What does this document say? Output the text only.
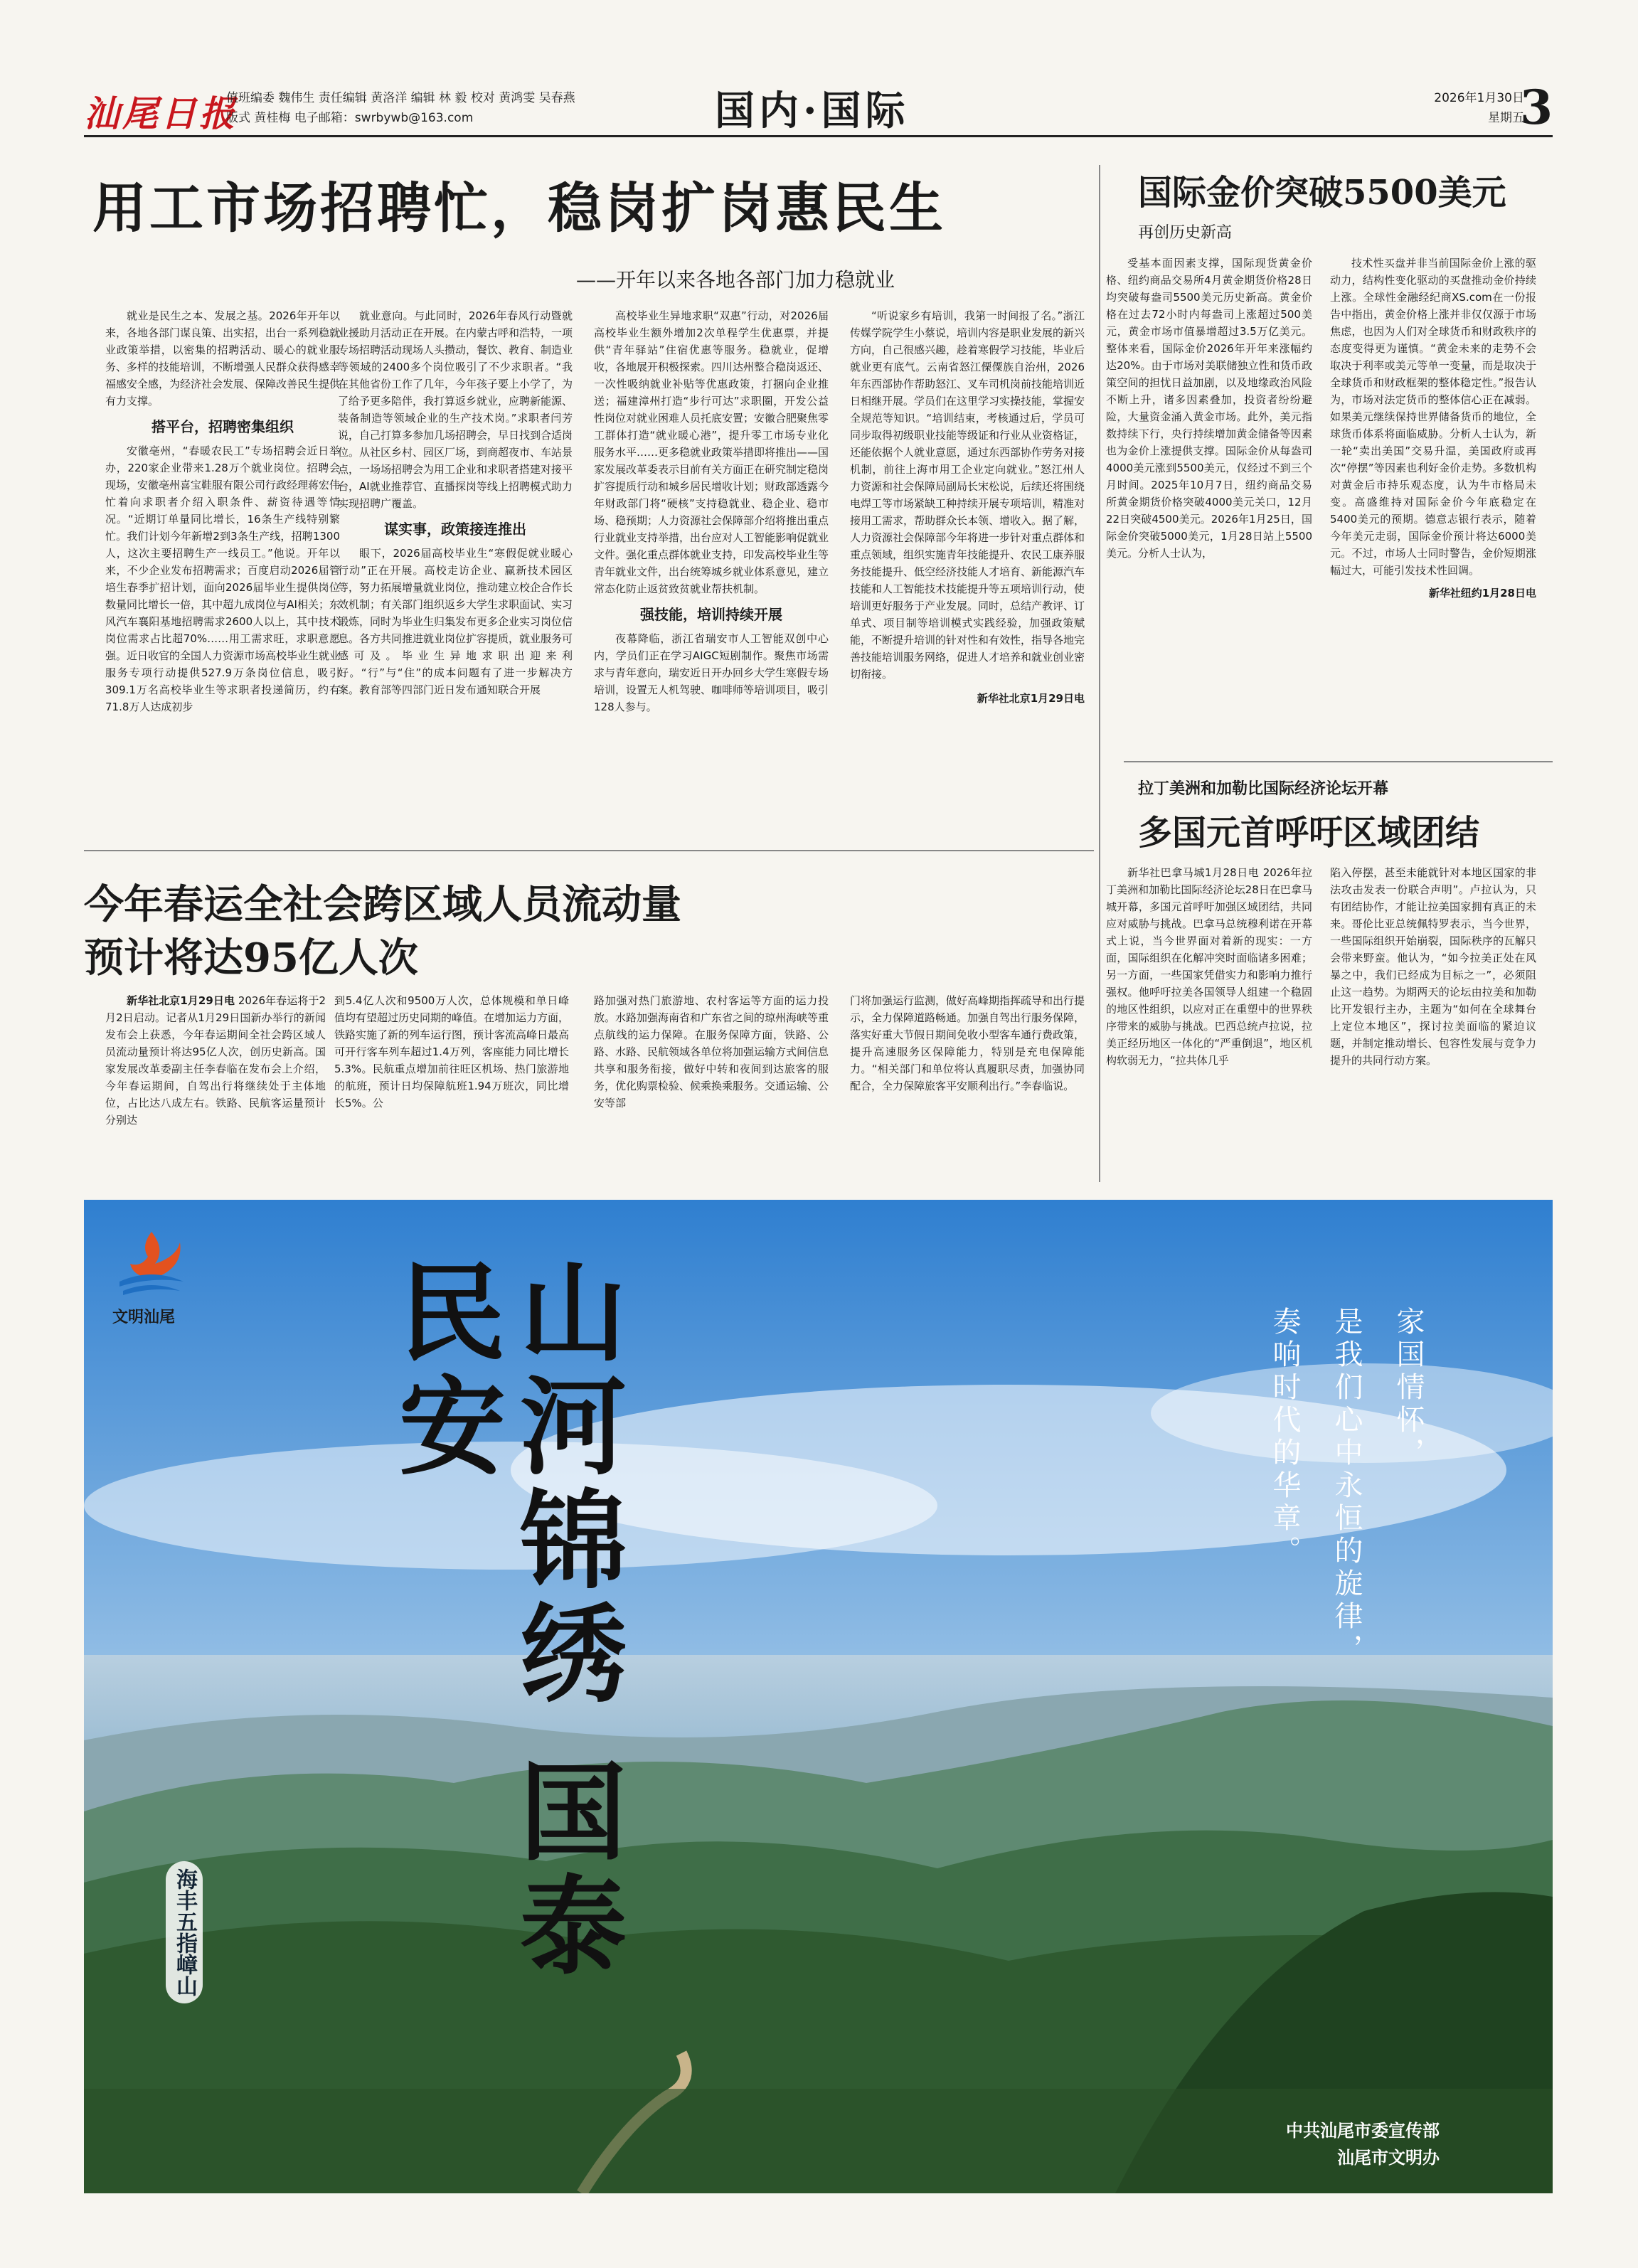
汕尾日报
值班编委 魏伟生 责任编辑 黄洛洋 编辑 林 毅 校对 黄鸿雯 吴春燕
版式 黄桂梅 电子邮箱：swrbywb@163.com	国内·国际	2026年1月30日
星期五
3
用工市场招聘忙，稳岗扩岗惠民生
——开年以来各地各部门加力稳就业
就业是民生之本、发展之基。2026年开年以来，各地各部门谋良策、出实招，出台一系列稳就业政策举措，以密集的招聘活动、暖心的就业服务、多样的技能培训，不断增强人民群众获得感幸福感安全感，为经济社会发展、保障改善民生提供有力支撑。
搭平台，招聘密集组织
安徽亳州，“春暖农民工”专场招聘会近日举办，220家企业带来1.28万个就业岗位。招聘会现场，安徽亳州喜宝鞋服有限公司行政经理蒋宏伟忙着向求职者介绍入职条件、薪资待遇等情况。“近期订单量同比增长，16条生产线特别繁忙。我们计划今年新增2到3条生产线，招聘1300人，这次主要招聘生产一线员工。”他说。开年以来，不少企业发布招聘需求；百度启动2026届管培生春季扩招计划，面向2026届毕业生提供岗位数量同比增长一倍，其中超九成岗位与AI相关；东风汽车襄阳基地招聘需求2600人以上，其中技术岗位需求占比超70%……用工需求旺，求职意愿强。近日收官的全国人力资源市场高校毕业生就业服务专项行动提供527.9万条岗位信息，吸引309.1万名高校毕业生等求职者投递简历，约有71.8万人达成初步
就业意向。与此同时，2026年春风行动暨就业援助月活动正在开展。在内蒙古呼和浩特，一项专场招聘活动现场人头攒动，餐饮、教育、制造业等领域的2400多个岗位吸引了不少求职者。“我在其他省份工作了几年，今年孩子要上小学了，为了给予更多陪伴，我打算返乡就业，应聘新能源、装备制造等领域企业的生产技术岗。”求职者闫芳说，自己打算多参加几场招聘会，早日找到合适岗位。从社区乡村、园区厂场，到商超夜市、车站景点，一场场招聘会为用工企业和求职者搭建对接平台，AI就业推荐官、直播探岗等线上招聘模式助力实现招聘广覆盖。
谋实事，政策接连推出
眼下，2026届高校毕业生“寒假促就业暖心行动”正在开展。高校走访企业、赢新技术园区等，努力拓展增量就业岗位，推动建立校企合作长效机制；有关部门组织返乡大学生求职面试、实习锻炼，同时为毕业生归集发布更多企业实习岗位信息。各方共同推进就业岗位扩容提质，就业服务可感可及。毕业生异地求职出迎来利好。“行”与“住”的成本问题有了进一步解决方案。教育部等四部门近日发布通知联合开展
高校毕业生异地求职“双惠”行动，对2026届高校毕业生额外增加2次单程学生优惠票，并提供“青年驿站”住宿优惠等服务。稳就业，促增收，各地展开积极探索。四川达州整合稳岗返还、一次性吸纳就业补贴等优惠政策，打捆向企业推送；福建漳州打造“步行可达”求职圈，开发公益性岗位对就业困难人员托底安置；安徽合肥聚焦零工群体打造“就业暖心港”，提升零工市场专业化服务水平……更多稳就业政策举措即将推出——国家发展改革委表示目前有关方面正在研究制定稳岗扩容提质行动和城乡居民增收计划；财政部透露今年财政部门将“硬核”支持稳就业、稳企业、稳市场、稳预期；人力资源社会保障部介绍将推出重点行业就业支持举措，出台应对人工智能影响促就业文件。强化重点群体就业支持，印发高校毕业生等青年就业文件，出台统筹城乡就业体系意见，建立常态化防止返贫致贫就业帮扶机制。
强技能，培训持续开展
夜幕降临，浙江省瑞安市人工智能双创中心内，学员们正在学习AIGC短剧制作。聚焦市场需求与青年意向，瑞安近日开办回乡大学生寒假专场培训，设置无人机驾驶、咖啡师等培训项目，吸引128人参与。
“听说家乡有培训，我第一时间报了名。”浙江传媒学院学生小蔡说，培训内容是职业发展的新兴方向，自己很感兴趣，趁着寒假学习技能，毕业后就业更有底气。云南省怒江傈僳族自治州，2026年东西部协作帮助怒江、叉车司机岗前技能培训近日相继开展。学员们在这里学习实操技能，掌握安全规范等知识。“培训结束，考核通过后，学员可同步取得初级职业技能等级证和行业从业资格证，还能依据个人就业意愿，通过东西部协作劳务对接机制，前往上海市用工企业定向就业。”怒江州人力资源和社会保障局副局长宋松说，后续还将围绕电焊工等市场紧缺工种持续开展专项培训，精准对接用工需求，帮助群众长本领、增收入。据了解，人力资源社会保障部今年将进一步针对重点群体和重点领域，组织实施青年技能提升、农民工康养服务技能提升、低空经济技能人才培育、新能源汽车技能和人工智能技术技能提升等五项培训行动，使培训更好服务于产业发展。同时，总结产教评、订单式、项目制等培训模式实践经验，加强政策赋能，不断提升培训的针对性和有效性，指导各地完善技能培训服务网络，促进人才培养和就业创业密切衔接。
新华社北京1月29日电
国际金价突破5500美元
再创历史新高
受基本面因素支撑，国际现货黄金价格、纽约商品交易所4月黄金期货价格28日均突破每盎司5500美元历史新高。黄金价格在过去72小时内每盎司上涨超过500美元，黄金市场市值暴增超过3.5万亿美元。整体来看，国际金价2026年开年来涨幅约达20%。由于市场对美联储独立性和货币政策空间的担忧日益加剧，以及地缘政治风险不断上升，诸多因素叠加，投资者纷纷避险，大量资金涌入黄金市场。此外，美元指数持续下行，央行持续增加黄金储备等因素也为金价上涨提供支撑。国际金价从每盎司4000美元涨到5500美元，仅经过不到三个月时间。2025年10月7日，纽约商品交易所黄金期货价格突破4000美元关口，12月22日突破4500美元。2026年1月25日，国际金价突破5000美元，1月28日站上5500美元。分析人士认为，
技术性买盘并非当前国际金价上涨的驱动力，结构性变化驱动的买盘推动金价持续上涨。全球性金融经纪商XS.com在一份报告中指出，黄金价格上涨并非仅仅源于市场焦虑，也因为人们对全球货币和财政秩序的态度变得更为谨慎。“黄金未来的走势不会取决于利率或美元等单一变量，而是取决于全球货币和财政框架的整体稳定性。”报告认为，市场对法定货币的整体信心正在减弱。如果美元继续保持世界储备货币的地位，全球货币体系将面临威胁。分析人士认为，新一轮“卖出美国”交易升温，美国政府或再次“停摆”等因素也利好金价走势。多数机构对黄金后市持乐观态度，认为牛市格局未变。高盛维持对国际金价今年底稳定在5400美元的预期。德意志银行表示，随着今年美元走弱，国际金价预计将达6000美元。不过，市场人士同时警告，金价短期涨幅过大，可能引发技术性回调。
新华社纽约1月28日电
拉丁美洲和加勒比国际经济论坛开幕
多国元首呼吁区域团结
新华社巴拿马城1月28日电 2026年拉丁美洲和加勒比国际经济论坛28日在巴拿马城开幕，多国元首呼吁加强区域团结，共同应对威胁与挑战。巴拿马总统穆利诺在开幕式上说，当今世界面对着新的现实：一方面，国际组织在化解冲突时面临诸多困难；另一方面，一些国家凭借实力和影响力推行强权。他呼吁拉美各国领导人组建一个稳固的地区性组织，以应对正在重塑中的世界秩序带来的威胁与挑战。巴西总统卢拉说，拉美正经历地区一体化的“严重倒退”，地区机构软弱无力，“拉共体几乎
陷入停摆，甚至未能就针对本地区国家的非法攻击发表一份联合声明”。卢拉认为，只有团结协作，才能让拉美国家拥有真正的未来。哥伦比亚总统佩特罗表示，当今世界，一些国际组织开始崩裂，国际秩序的瓦解只会带来野蛮。他认为，“如今拉美正处在风暴之中，我们已经成为目标之一”，必须阻止这一趋势。为期两天的论坛由拉美和加勒比开发银行主办，主题为“如何在全球舞台上定位本地区”，探讨拉美面临的紧迫议题，并制定推动增长、包容性发展与竞争力提升的共同行动方案。
今年春运全社会跨区域人员流动量
预计将达95亿人次
新华社北京1月29日电 2026年春运将于2月2日启动。记者从1月29日国新办举行的新闻发布会上获悉，今年春运期间全社会跨区域人员流动量预计将达95亿人次，创历史新高。国家发展改革委副主任李春临在发布会上介绍，今年春运期间，自驾出行将继续处于主体地位，占比达八成左右。铁路、民航客运量预计分别达
到5.4亿人次和9500万人次，总体规模和单日峰值均有望超过历史同期的峰值。在增加运力方面，铁路实施了新的列车运行图，预计客流高峰日最高可开行客车列车超过1.4万列，客座能力同比增长5.3%。民航重点增加前往旺区机场、热门旅游地的航班，预计日均保障航班1.94万班次，同比增长5%。公
路加强对热门旅游地、农村客运等方面的运力投放。水路加强海南省和广东省之间的琼州海峡等重点航线的运力保障。在服务保障方面，铁路、公路、水路、民航领域各单位将加强运输方式间信息共享和服务衔接，做好中转和夜间到达旅客的服务，优化购票检验、候乘换乘服务。交通运输、公安等部
门将加强运行监测，做好高峰期指挥疏导和出行提示，全力保障道路畅通。加强自驾出行服务保障，落实好重大节假日期间免收小型客车通行费政策，提升高速服务区保障能力，特别是充电保障能力。“相关部门和单位将认真履职尽责，加强协同配合，全力保障旅客平安顺利出行。”李春临说。
文明汕尾	山河锦绣 国泰民安	家国情怀，
是我们心中永恒的旋律，
奏响时代的华章。
海丰五指嶂山
中共汕尾市委宣传部
汕尾市文明办
